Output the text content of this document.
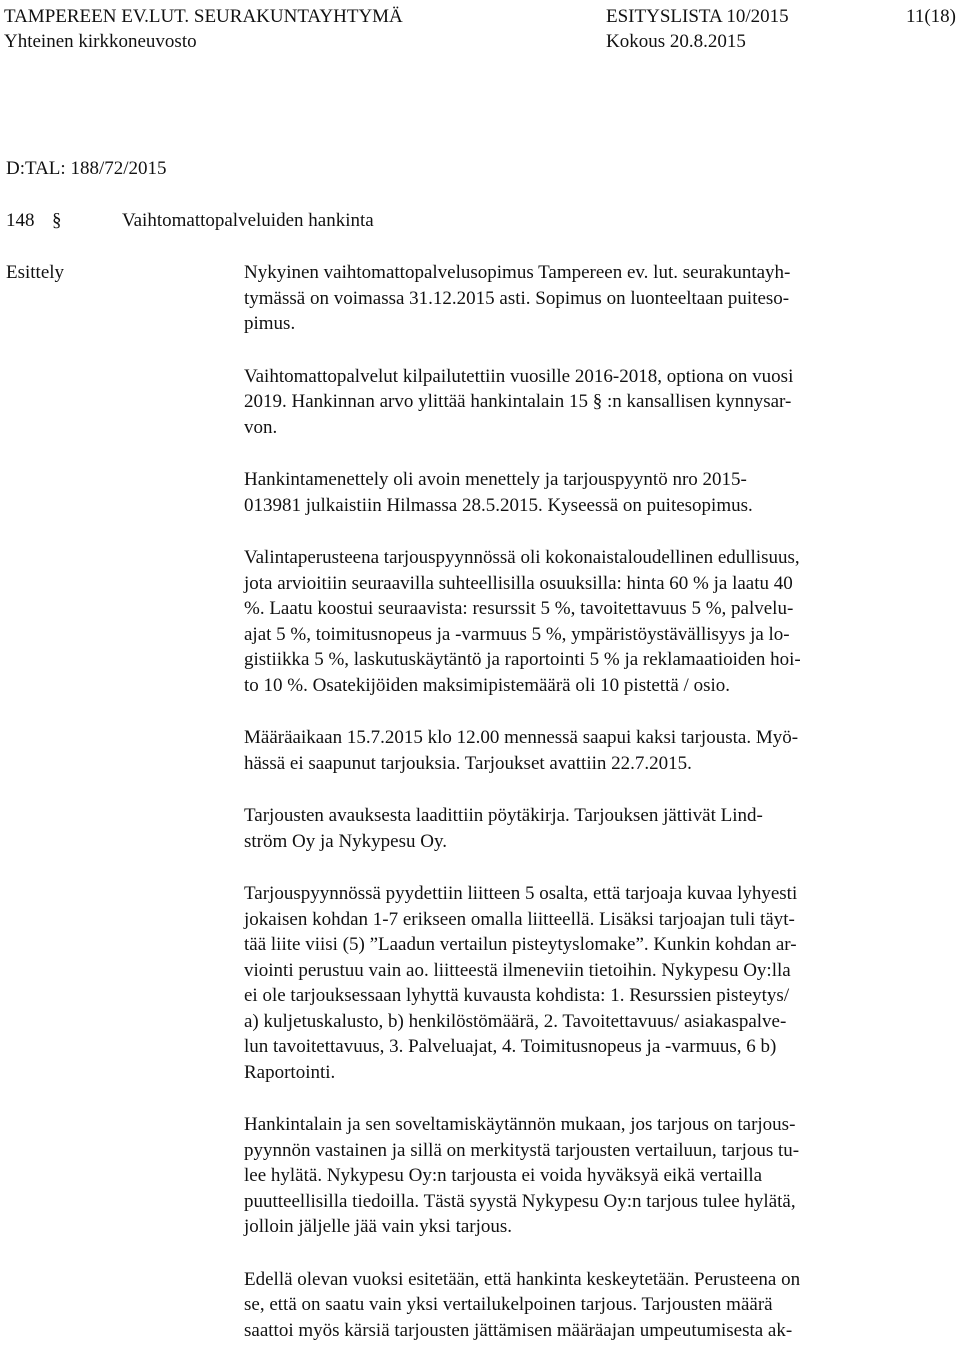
TAMPEREEN EV.LUT. SEURAKUNTAYHTYMÄ	ESITYSLISTA 10/2015	11(18)
Yhteinen kirkkoneuvosto	Kokous 20.8.2015
D:TAL: 188/72/2015
148 §	Vaihtomattopalveluiden hankinta
Esittely	Nykyinen vaihtomattopalvelusopimus Tampereen ev. lut. seurakuntayh-
tymässä on voimassa 31.12.2015 asti. Sopimus on luonteeltaan puitesо-
pimus.

Vaihtomattopalvelut kilpailutettiin vuosille 2016-2018, optiona on vuosi
2019. Hankinnan arvo ylittää hankintalain 15 § :n kansallisen kynnysar-
von.

Hankintamenettely oli avoin menettely ja tarjouspyyntö nro 2015-
013981 julkaistiin Hilmassa 28.5.2015. Kyseessä on puitesopimus.

Valintaperusteena tarjouspyynnössä oli kokonaistaloudellinen edullisuus,
jota arvioitiin seuraavilla suhteellisilla osuuksilla: hinta 60 % ja laatu 40
%. Laatu koostui seuraavista: resurssit 5 %, tavoitettavuus 5 %, palvelu-
ajat 5 %, toimitusnopeus ja -varmuus 5 %, ympäristöystävällisyys ja lo-
gistiikka 5 %, laskutuskäytäntö ja raportointi 5 % ja reklamaatioiden hoi-
to 10 %. Osatekijöiden maksimipistemäärä oli 10 pistettä / osio.

Määräaikaan 15.7.2015 klo 12.00 mennessä saapui kaksi tarjousta. Myö-
hässä ei saapunut tarjouksia. Tarjoukset avattiin 22.7.2015.

Tarjousten avauksesta laadittiin pöytäkirja. Tarjouksen jättivät Lind-
ström Oy ja Nykypesu Oy.

Tarjouspyynnössä pyydettiin liitteen 5 osalta, että tarjoaja kuvaa lyhyesti
jokaisen kohdan 1-7 erikseen omalla liitteellä. Lisäksi tarjoajan tuli täyt-
tää liite viisi (5) ”Laadun vertailun pisteytyslomake”. Kunkin kohdan ar-
viointi perustuu vain ao. liitteestä ilmeneviin tietoihin. Nykypesu Oy:lla
ei ole tarjouksessaan lyhyttä kuvausta kohdista: 1. Resurssien pisteytys/
a) kuljetuskalusto, b) henkilöstömäärä, 2. Tavoitettavuus/ asiakaspalve-
lun tavoitettavuus, 3. Palveluajat, 4. Toimitusnopeus ja -varmuus, 6 b)
Raportointi.

Hankintalain ja sen soveltamiskäytännön mukaan, jos tarjous on tarjous-
pyynnön vastainen ja sillä on merkitystä tarjousten vertailuun, tarjous tu-
lee hylätä. Nykypesu Oy:n tarjousta ei voida hyväksyä eikä vertailla
puutteellisilla tiedoilla. Tästä syystä Nykypesu Oy:n tarjous tulee hylätä,
jolloin jäljelle jää vain yksi tarjous.

Edellä olevan vuoksi esitetään, että hankinta keskeytetään. Perusteena on
se, että on saatu vain yksi vertailukelpoinen tarjous. Tarjousten määrä
saattoi myös kärsiä tarjousten jättämisen määräajan umpeutumisesta ak-
